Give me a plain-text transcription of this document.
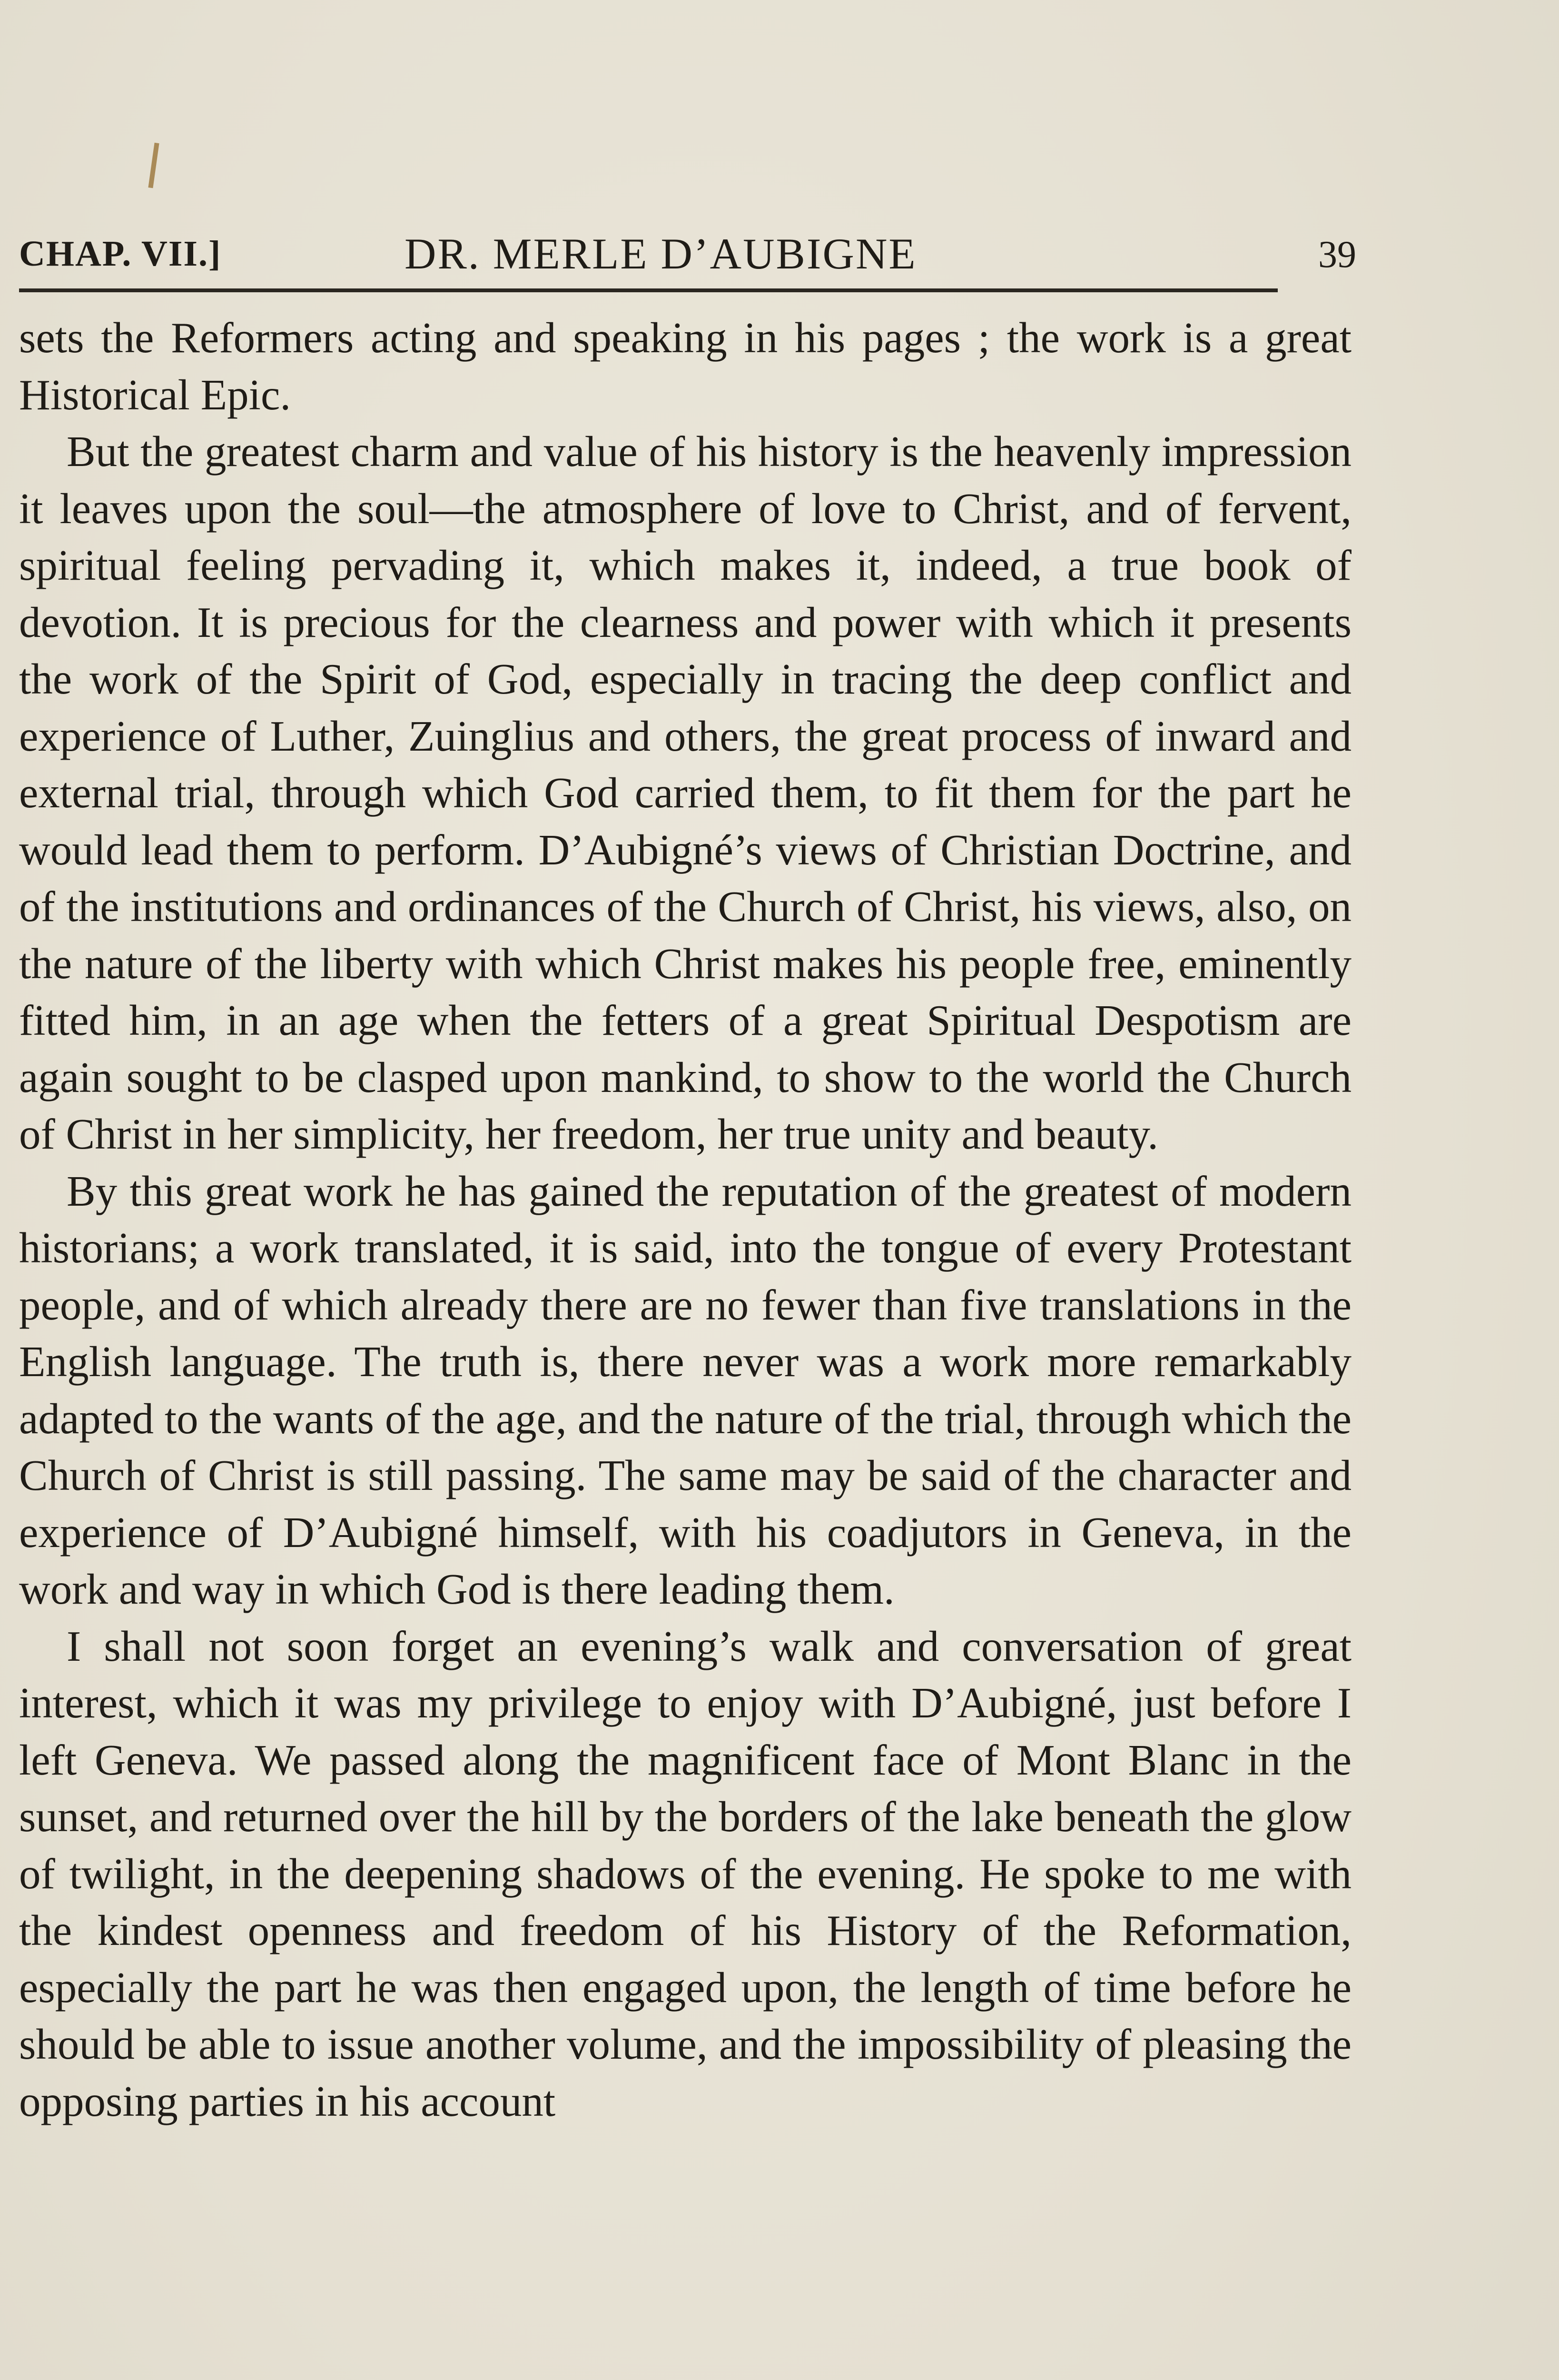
CHAP. VII.]	DR. MERLE D’AUBIGNE	39

sets the Reformers acting and speaking in his pages ; the work is a great Historical Epic.

But the greatest charm and value of his history is the heavenly impression it leaves upon the soul—the atmosphere of love to Christ, and of fervent, spiritual feeling pervading it, which makes it, indeed, a true book of devotion. It is precious for the clearness and power with which it presents the work of the Spirit of God, especially in tracing the deep conflict and experience of Luther, Zuinglius and others, the great process of inward and external trial, through which God carried them, to fit them for the part he would lead them to perform. D’Aubigné’s views of Christian Doctrine, and of the institutions and ordinances of the Church of Christ, his views, also, on the nature of the liberty with which Christ makes his people free, eminently fitted him, in an age when the fetters of a great Spiritual Despotism are again sought to be clasped upon mankind, to show to the world the Church of Christ in her simplicity, her freedom, her true unity and beauty.

By this great work he has gained the reputation of the greatest of modern historians; a work translated, it is said, into the tongue of every Protestant people, and of which already there are no fewer than five translations in the English language. The truth is, there never was a work more remarkably adapted to the wants of the age, and the nature of the trial, through which the Church of Christ is still passing. The same may be said of the character and experience of D’Aubigné himself, with his coadjutors in Geneva, in the work and way in which God is there leading them.

I shall not soon forget an evening’s walk and conversation of great interest, which it was my privilege to enjoy with D’Aubigné, just before I left Geneva. We passed along the magnificent face of Mont Blanc in the sunset, and returned over the hill by the borders of the lake beneath the glow of twilight, in the deepening shadows of the evening. He spoke to me with the kindest openness and freedom of his History of the Reformation, especially the part he was then engaged upon, the length of time before he should be able to issue another volume, and the impossibility of pleasing the opposing parties in his account
